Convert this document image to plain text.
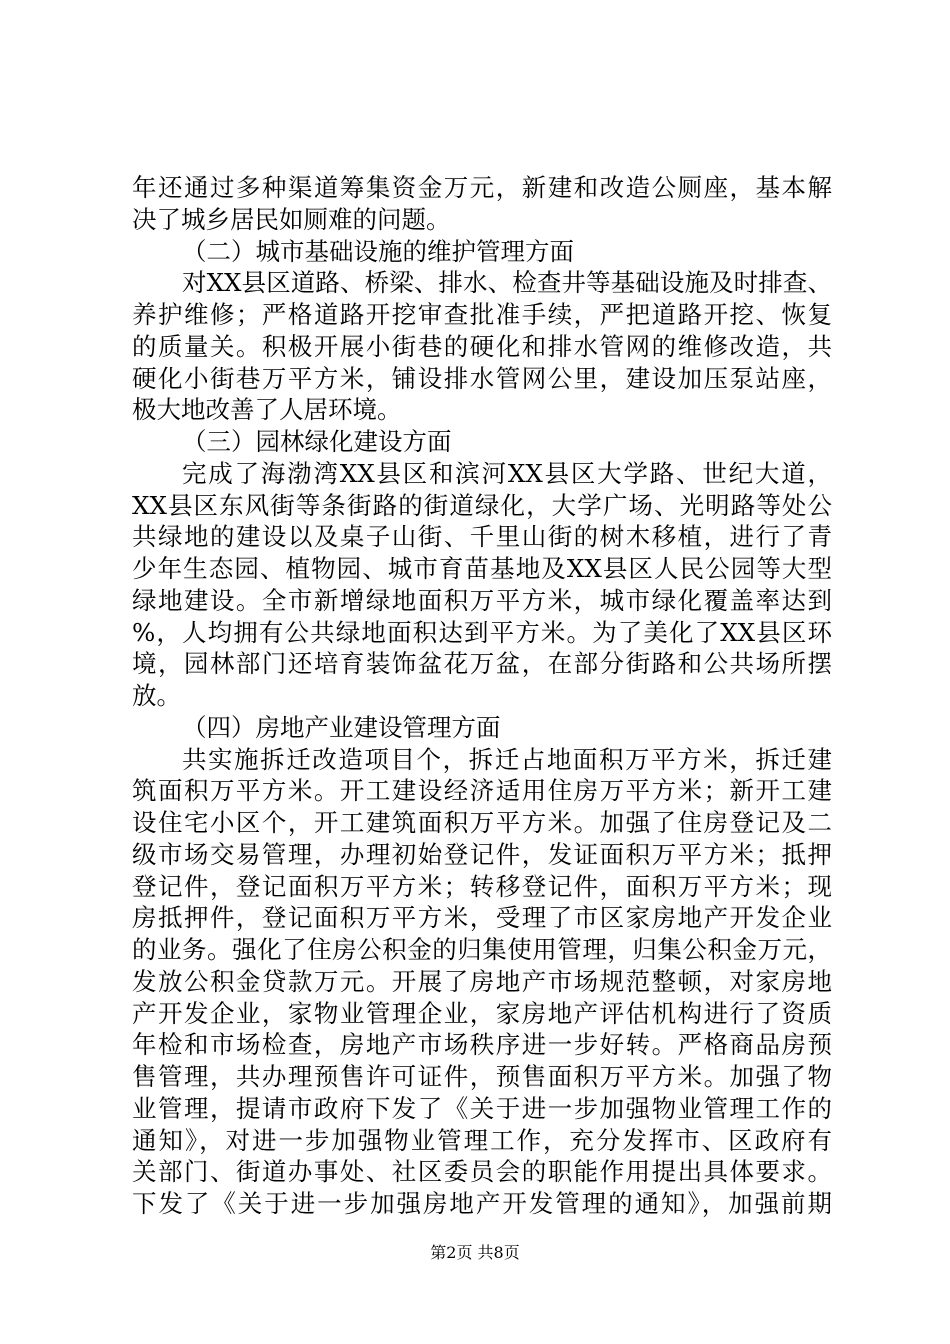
年还通过多种渠道筹集资金万元，新建和改造公厕座，基本解
决了城乡居民如厕难的问题。
（二）城市基础设施的维护管理方面
对XX县区道路、桥梁、排水、检查井等基础设施及时排查、
养护维修；严格道路开挖审查批准手续，严把道路开挖、恢复
的质量关。积极开展小街巷的硬化和排水管网的维修改造，共
硬化小街巷万平方米，铺设排水管网公里，建设加压泵站座，
极大地改善了人居环境。
（三）园林绿化建设方面
完成了海渤湾XX县区和滨河XX县区大学路、世纪大道，
XX县区东风街等条街路的街道绿化，大学广场、光明路等处公
共绿地的建设以及桌子山街、千里山街的树木移植，进行了青
少年生态园、植物园、城市育苗基地及XX县区人民公园等大型
绿地建设。全市新增绿地面积万平方米，城市绿化覆盖率达到
%，人均拥有公共绿地面积达到平方米。为了美化了XX县区环
境，园林部门还培育装饰盆花万盆，在部分街路和公共场所摆
放。
（四）房地产业建设管理方面
共实施拆迁改造项目个，拆迁占地面积万平方米，拆迁建
筑面积万平方米。开工建设经济适用住房万平方米；新开工建
设住宅小区个，开工建筑面积万平方米。加强了住房登记及二
级市场交易管理，办理初始登记件，发证面积万平方米；抵押
登记件，登记面积万平方米；转移登记件，面积万平方米；现
房抵押件，登记面积万平方米，受理了市区家房地产开发企业
的业务。强化了住房公积金的归集使用管理，归集公积金万元，
发放公积金贷款万元。开展了房地产市场规范整顿，对家房地
产开发企业，家物业管理企业，家房地产评估机构进行了资质
年检和市场检查，房地产市场秩序进一步好转。严格商品房预
售管理，共办理预售许可证件，预售面积万平方米。加强了物
业管理，提请市政府下发了《关于进一步加强物业管理工作的
通知》，对进一步加强物业管理工作，充分发挥市、区政府有
关部门、街道办事处、社区委员会的职能作用提出具体要求。
下发了《关于进一步加强房地产开发管理的通知》，加强前期
第2页 共8页
